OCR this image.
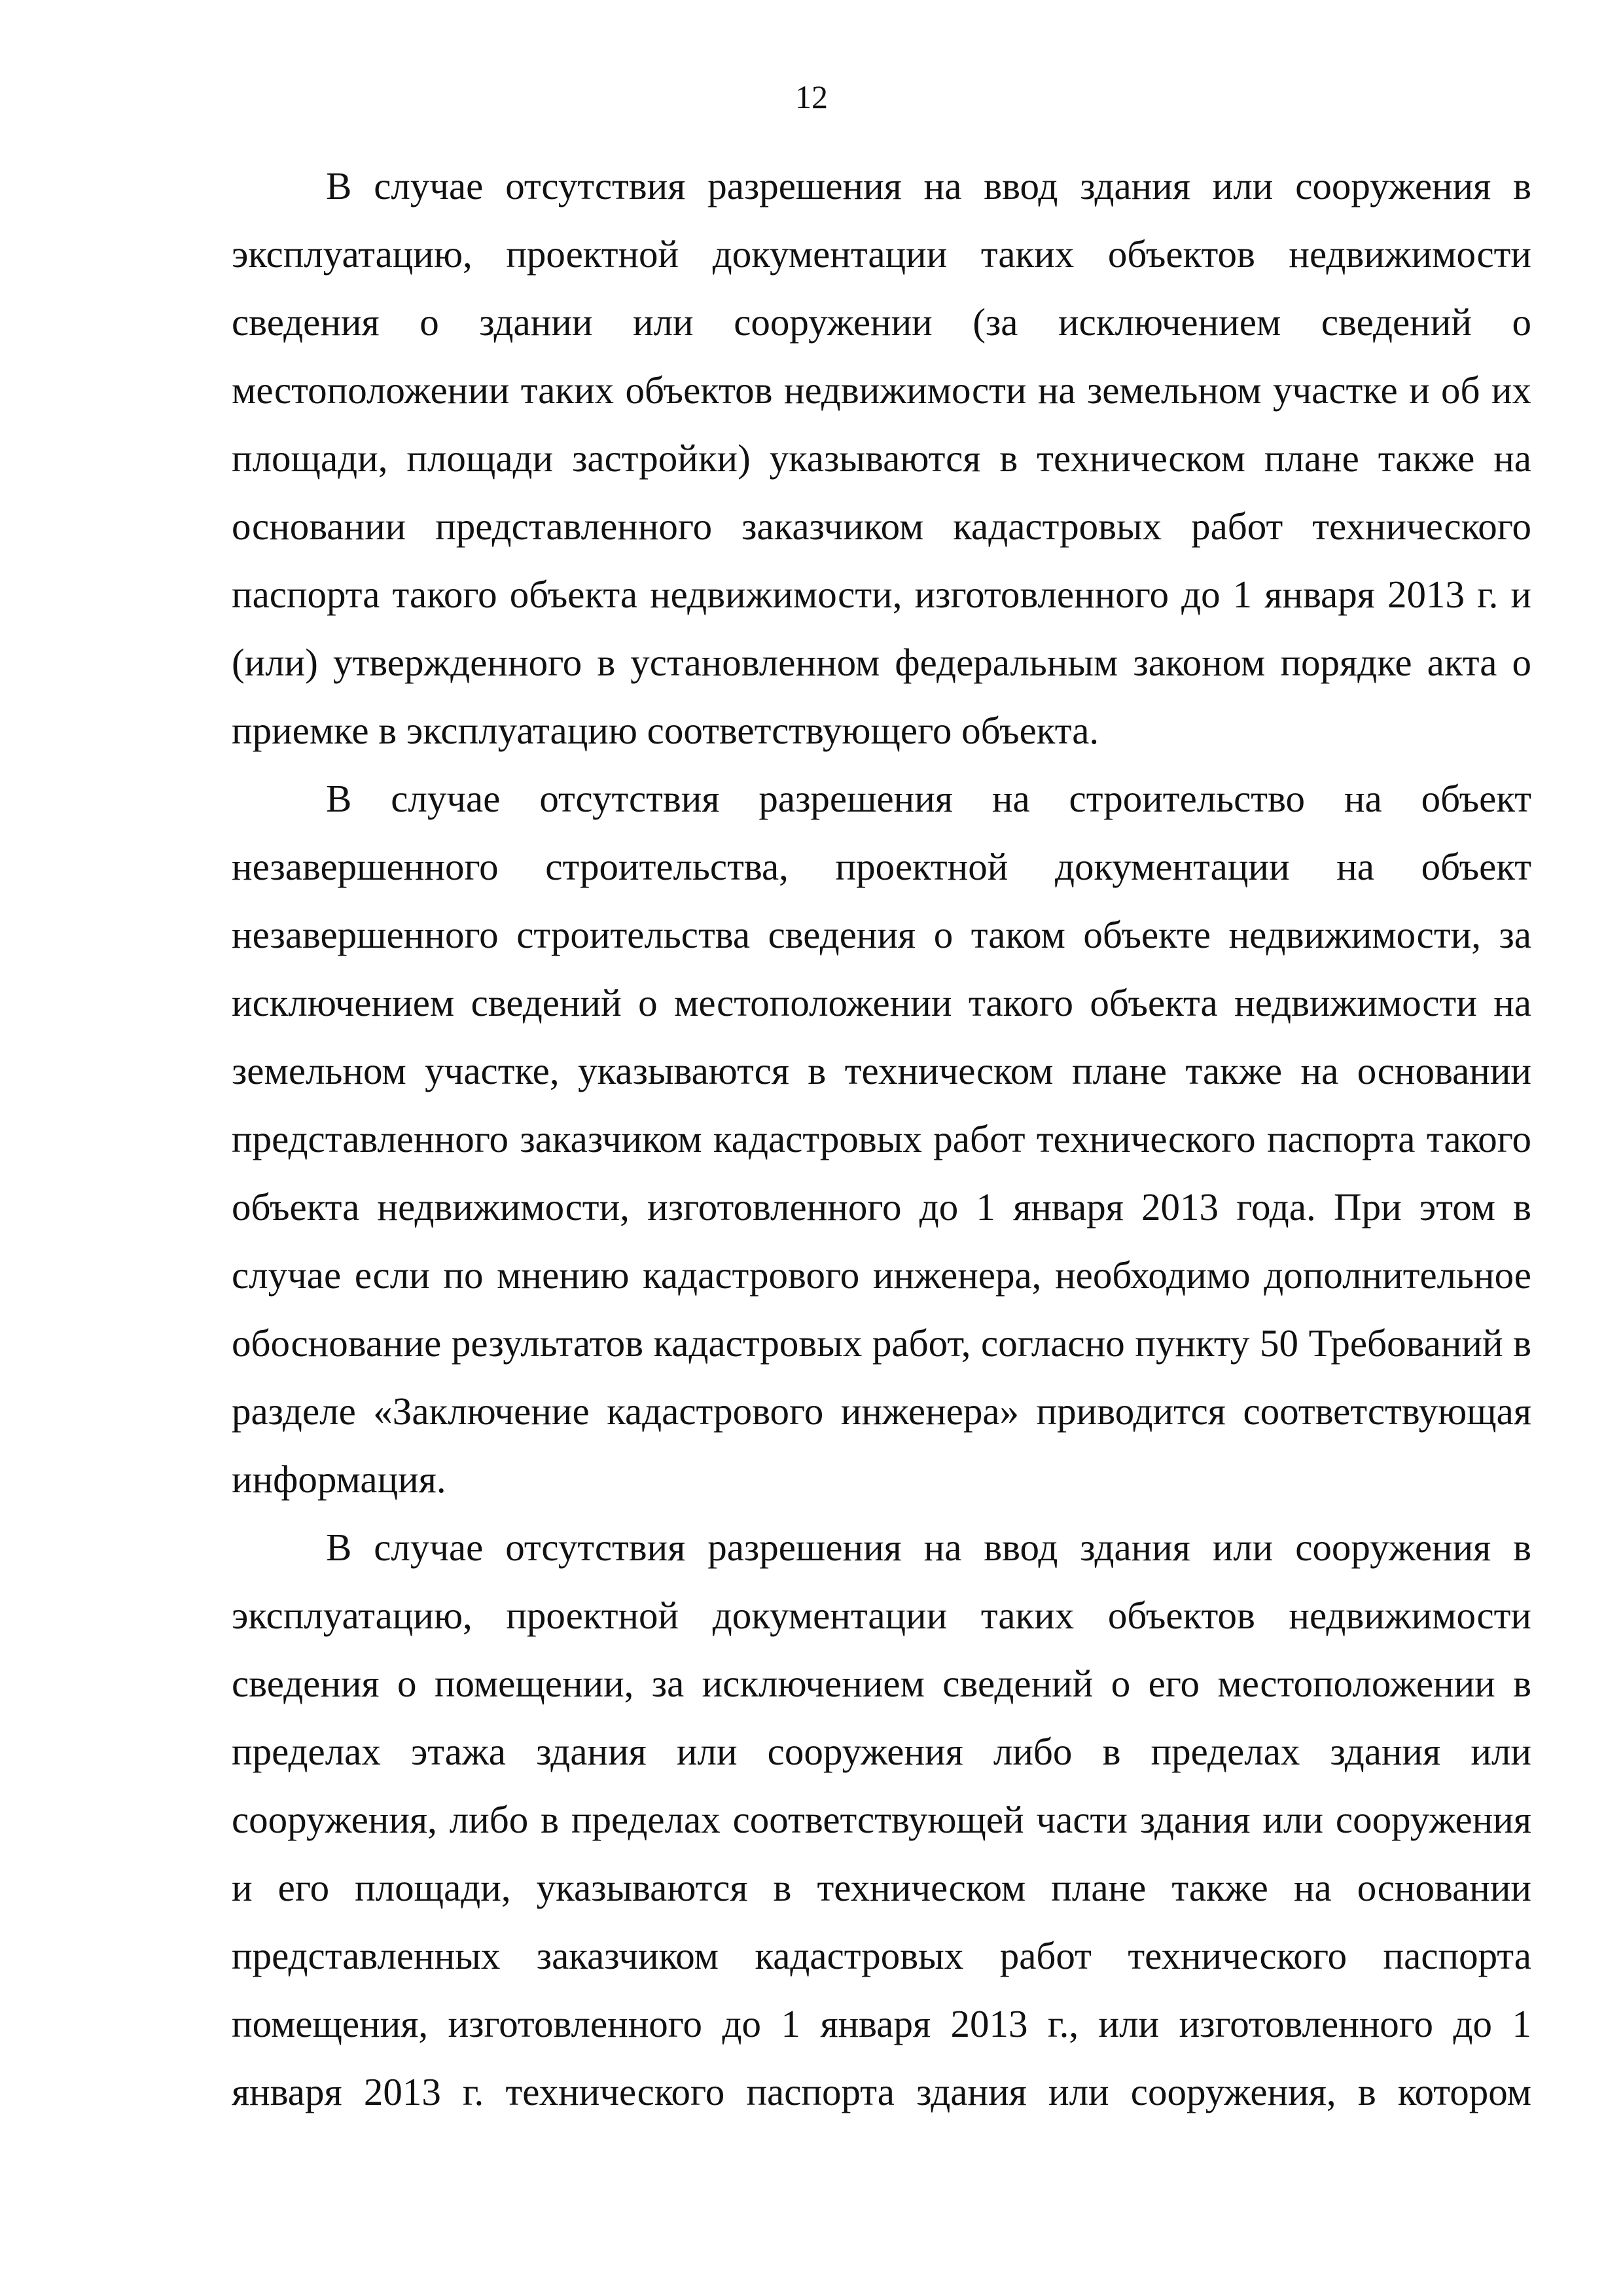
12

В случае отсутствия разрешения на ввод здания или сооружения в эксплуатацию, проектной документации таких объектов недвижимости сведения о здании или сооружении (за исключением сведений о местоположении таких объектов недвижимости на земельном участке и об их площади, площади застройки) указываются в техническом плане также на основании представленного заказчиком кадастровых работ технического паспорта такого объекта недвижимости, изготовленного до 1 января 2013 г. и (или) утвержденного в установленном федеральным законом порядке акта о приемке в эксплуатацию соответствующего объекта.

В случае отсутствия разрешения на строительство на объект незавершенного строительства, проектной документации на объект незавершенного строительства сведения о таком объекте недвижимости, за исключением сведений о местоположении такого объекта недвижимости на земельном участке, указываются в техническом плане также на основании представленного заказчиком кадастровых работ технического паспорта такого объекта недвижимости, изготовленного до 1 января 2013 года. При этом в случае если по мнению кадастрового инженера, необходимо дополнительное обоснование результатов кадастровых работ, согласно пункту 50 Требований в разделе «Заключение кадастрового инженера» приводится соответствующая информация.

В случае отсутствия разрешения на ввод здания или сооружения в эксплуатацию, проектной документации таких объектов недвижимости сведения о помещении, за исключением сведений о его местоположении в пределах этажа здания или сооружения либо в пределах здания или сооружения, либо в пределах соответствующей части здания или сооружения и его площади, указываются в техническом плане также на основании представленных заказчиком кадастровых работ технического паспорта помещения, изготовленного до 1 января 2013 г., или изготовленного до 1 января 2013 г. технического паспорта здания или сооружения, в котором
